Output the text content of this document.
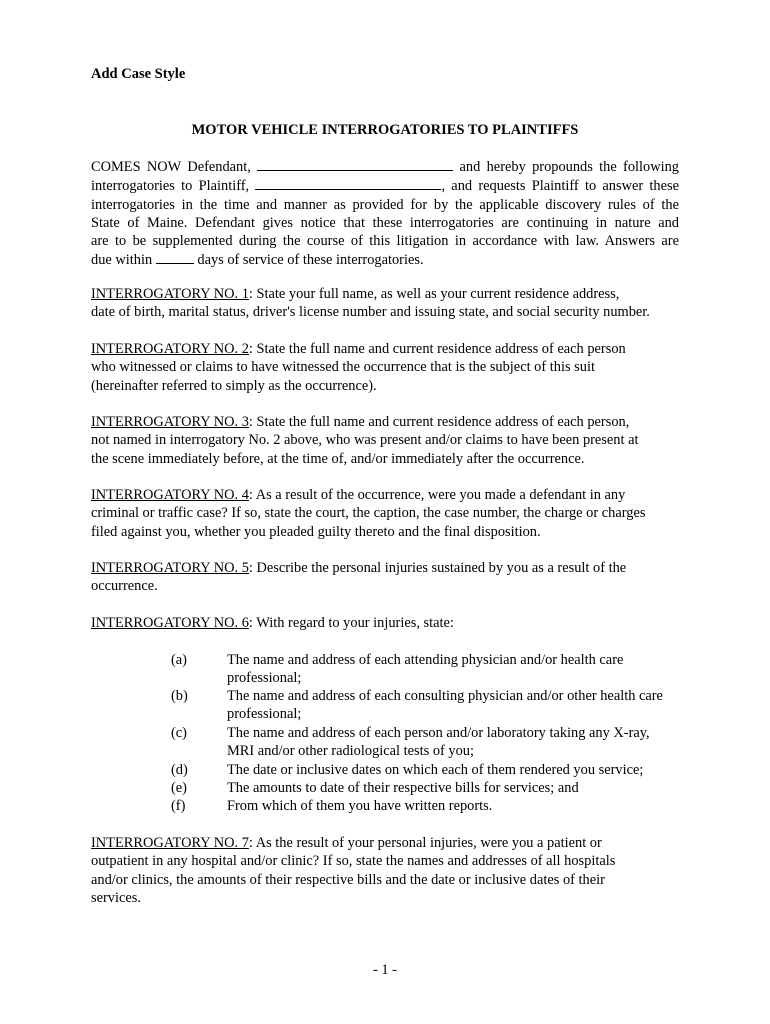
Add Case Style
MOTOR VEHICLE INTERROGATORIES TO PLAINTIFFS
COMES NOW Defendant,	and hereby propounds the following
interrogatories to Plaintiff,	, and requests Plaintiff to answer these
interrogatories in the time and manner as provided for by the applicable discovery rules of the
State of Maine. Defendant gives notice that these interrogatories are continuing in nature and
are to be supplemented during the course of this litigation in accordance with law. Answers are
due within	days of service of these interrogatories.
INTERROGATORY NO. 1: State your full name, as well as your current residence address,
date of birth, marital status, driver's license number and issuing state, and social security number.
INTERROGATORY NO. 2: State the full name and current residence address of each person
who witnessed or claims to have witnessed the occurrence that is the subject of this suit
(hereinafter referred to simply as the occurrence).
INTERROGATORY NO. 3: State the full name and current residence address of each person,
not named in interrogatory No. 2 above, who was present and/or claims to have been present at
the scene immediately before, at the time of, and/or immediately after the occurrence.
INTERROGATORY NO. 4: As a result of the occurrence, were you made a defendant in any
criminal or traffic case? If so, state the court, the caption, the case number, the charge or charges
filed against you, whether you pleaded guilty thereto and the final disposition.
INTERROGATORY NO. 5: Describe the personal injuries sustained by you as a result of the
occurrence.
INTERROGATORY NO. 6: With regard to your injuries, state:
(a)	The name and address of each attending physician and/or health care professional;
(b)	The name and address of each consulting physician and/or other health care professional;
(c)	The name and address of each person and/or laboratory taking any X-ray, MRI and/or other radiological tests of you;
(d)	The date or inclusive dates on which each of them rendered you service;
(e)	The amounts to date of their respective bills for services; and
(f)	From which of them you have written reports.
INTERROGATORY NO. 7: As the result of your personal injuries, were you a patient or
outpatient in any hospital and/or clinic? If so, state the names and addresses of all hospitals
and/or clinics, the amounts of their respective bills and the date or inclusive dates of their
services.
- 1 -
